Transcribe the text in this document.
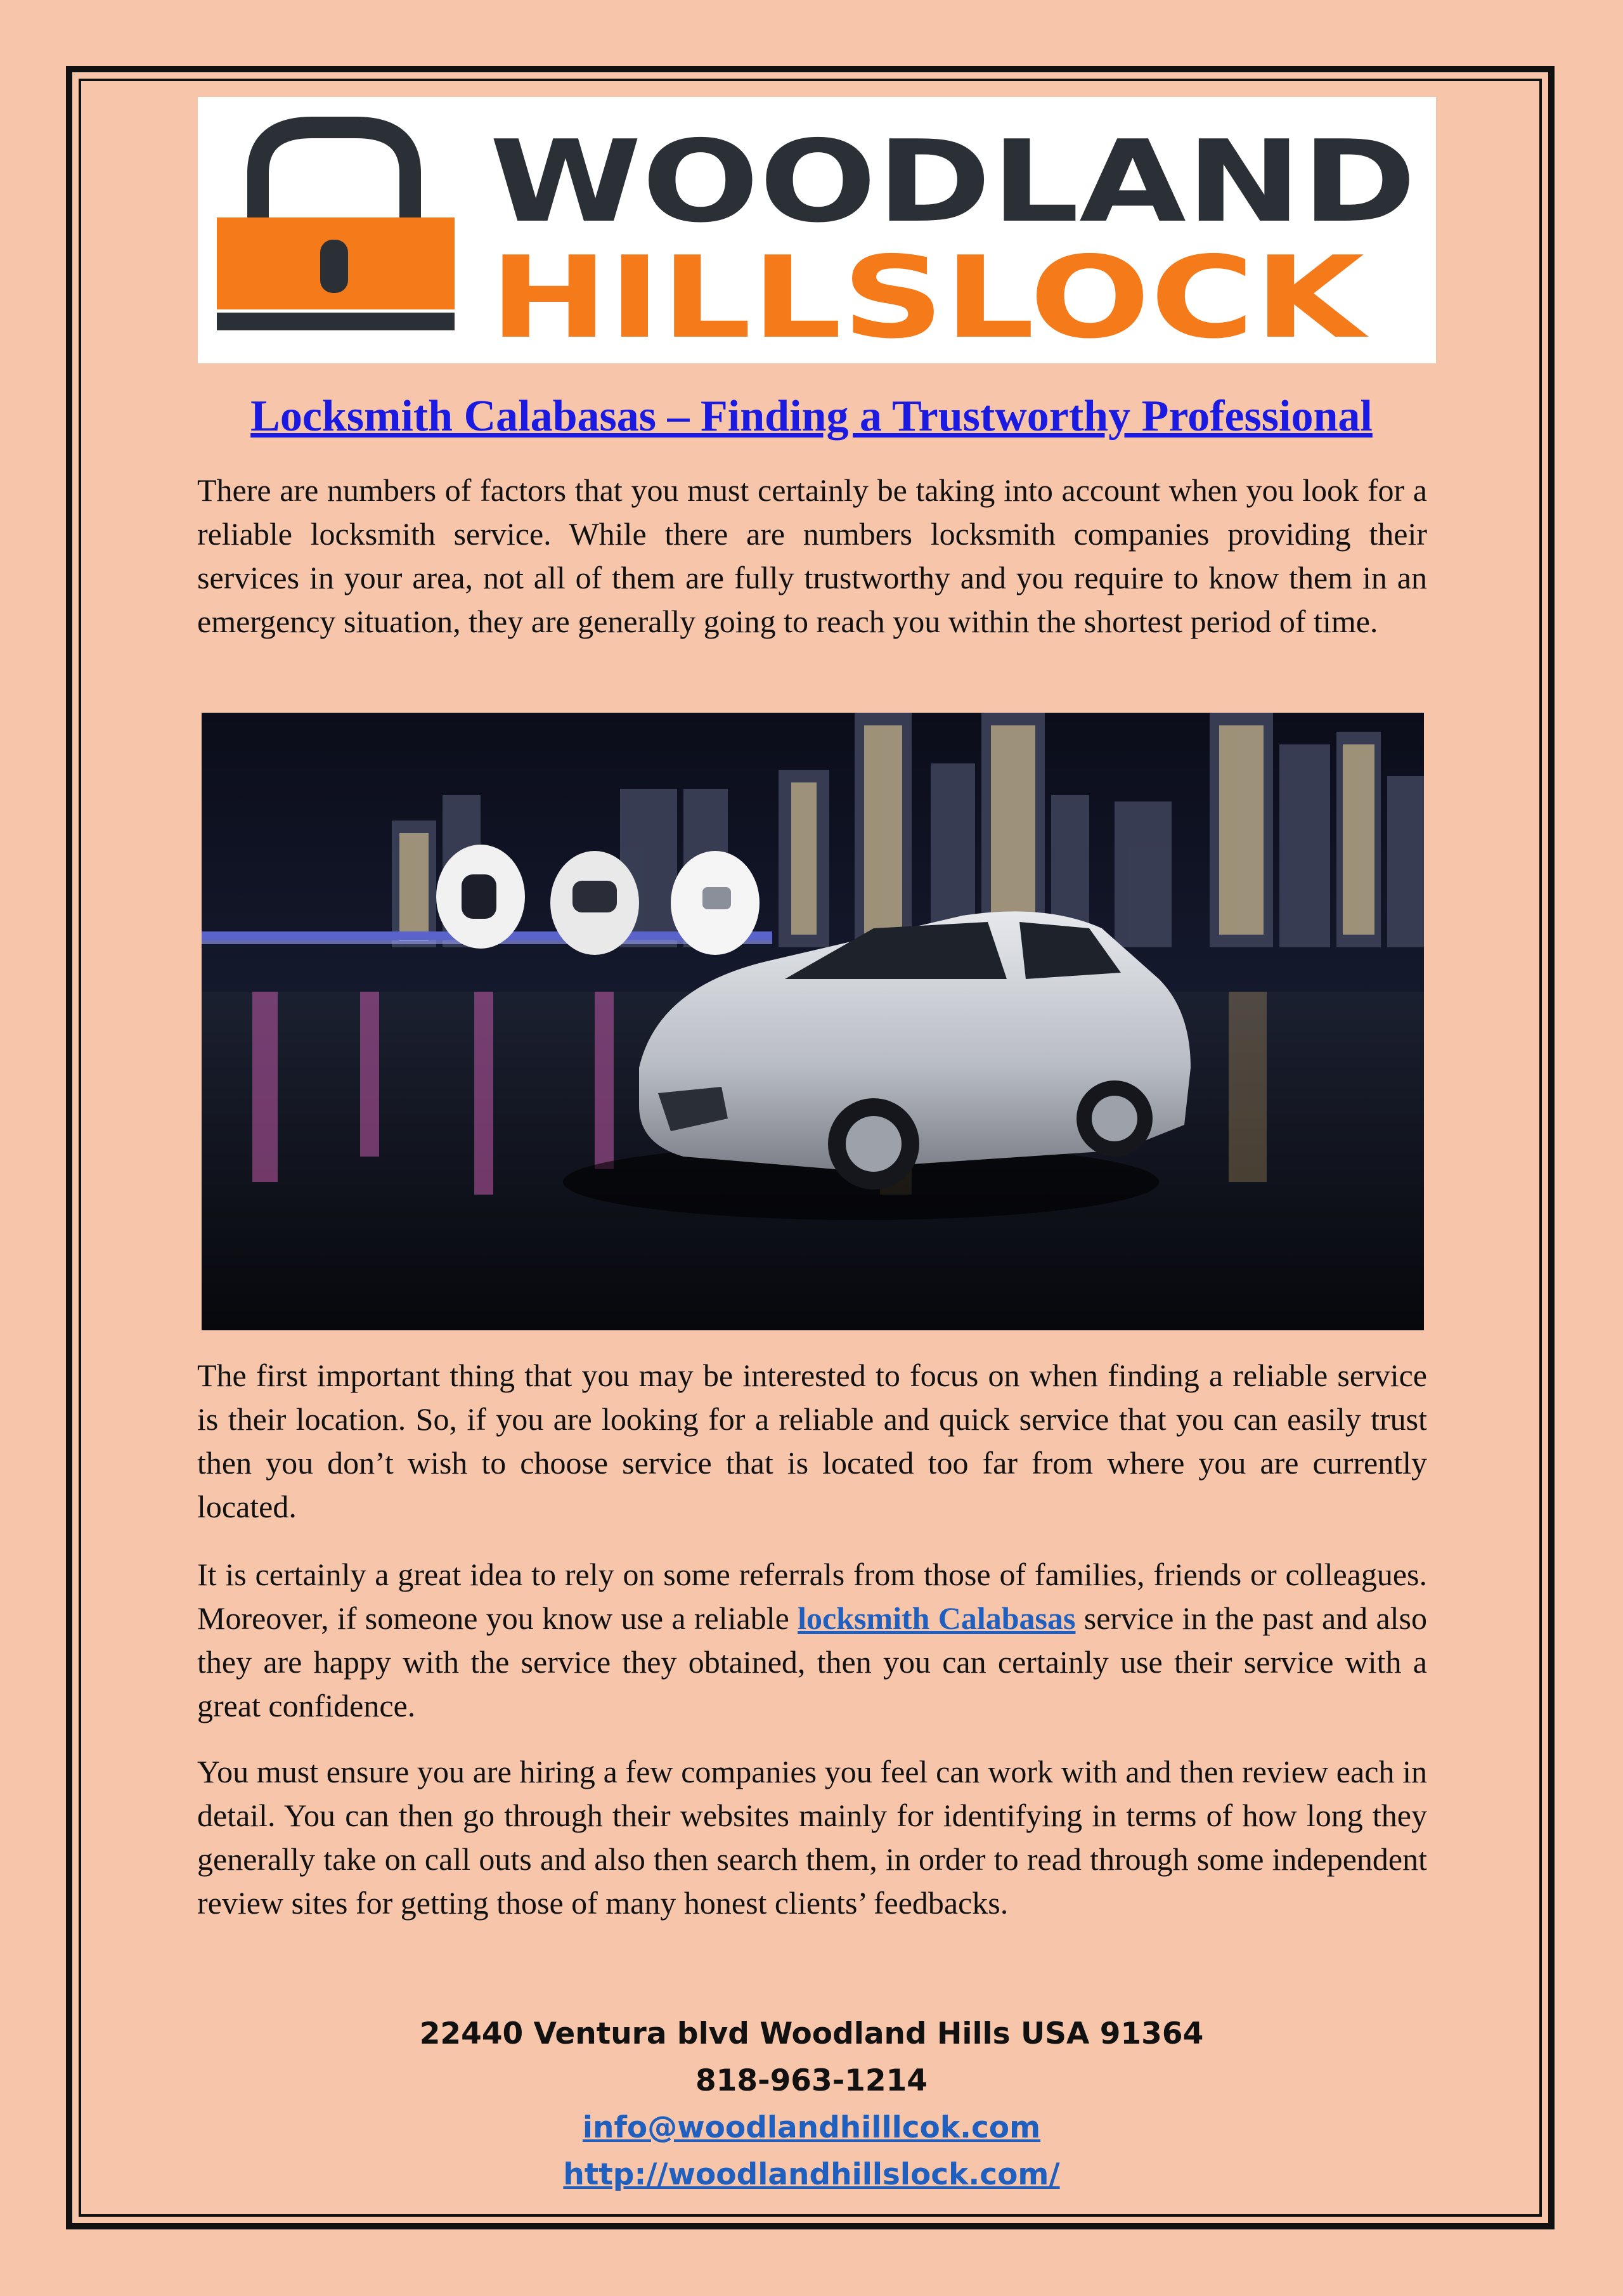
WOODLAND
HILLSLOCK
Locksmith Calabasas – Finding a Trustworthy Professional

There are numbers of factors that you must certainly be taking into account when you look for a reliable locksmith service. While there are numbers locksmith companies providing their services in your area, not all of them are fully trustworthy and you require to know them in an emergency situation, they are generally going to reach you within the shortest period of time.

The first important thing that you may be interested to focus on when finding a reliable service is their location. So, if you are looking for a reliable and quick service that you can easily trust then you don’t wish to choose service that is located too far from where you are currently located.

It is certainly a great idea to rely on some referrals from those of families, friends or colleagues. Moreover, if someone you know use a reliable locksmith Calabasas service in the past and also they are happy with the service they obtained, then you can certainly use their service with a great confidence.

You must ensure you are hiring a few companies you feel can work with and then review each in detail. You can then go through their websites mainly for identifying in terms of how long they generally take on call outs and also then search them, in order to read through some independent review sites for getting those of many honest clients’ feedbacks.

22440 Ventura blvd Woodland Hills USA 91364

818-963-1214

info@woodlandhilllcok.com

http://woodlandhillslock.com/
